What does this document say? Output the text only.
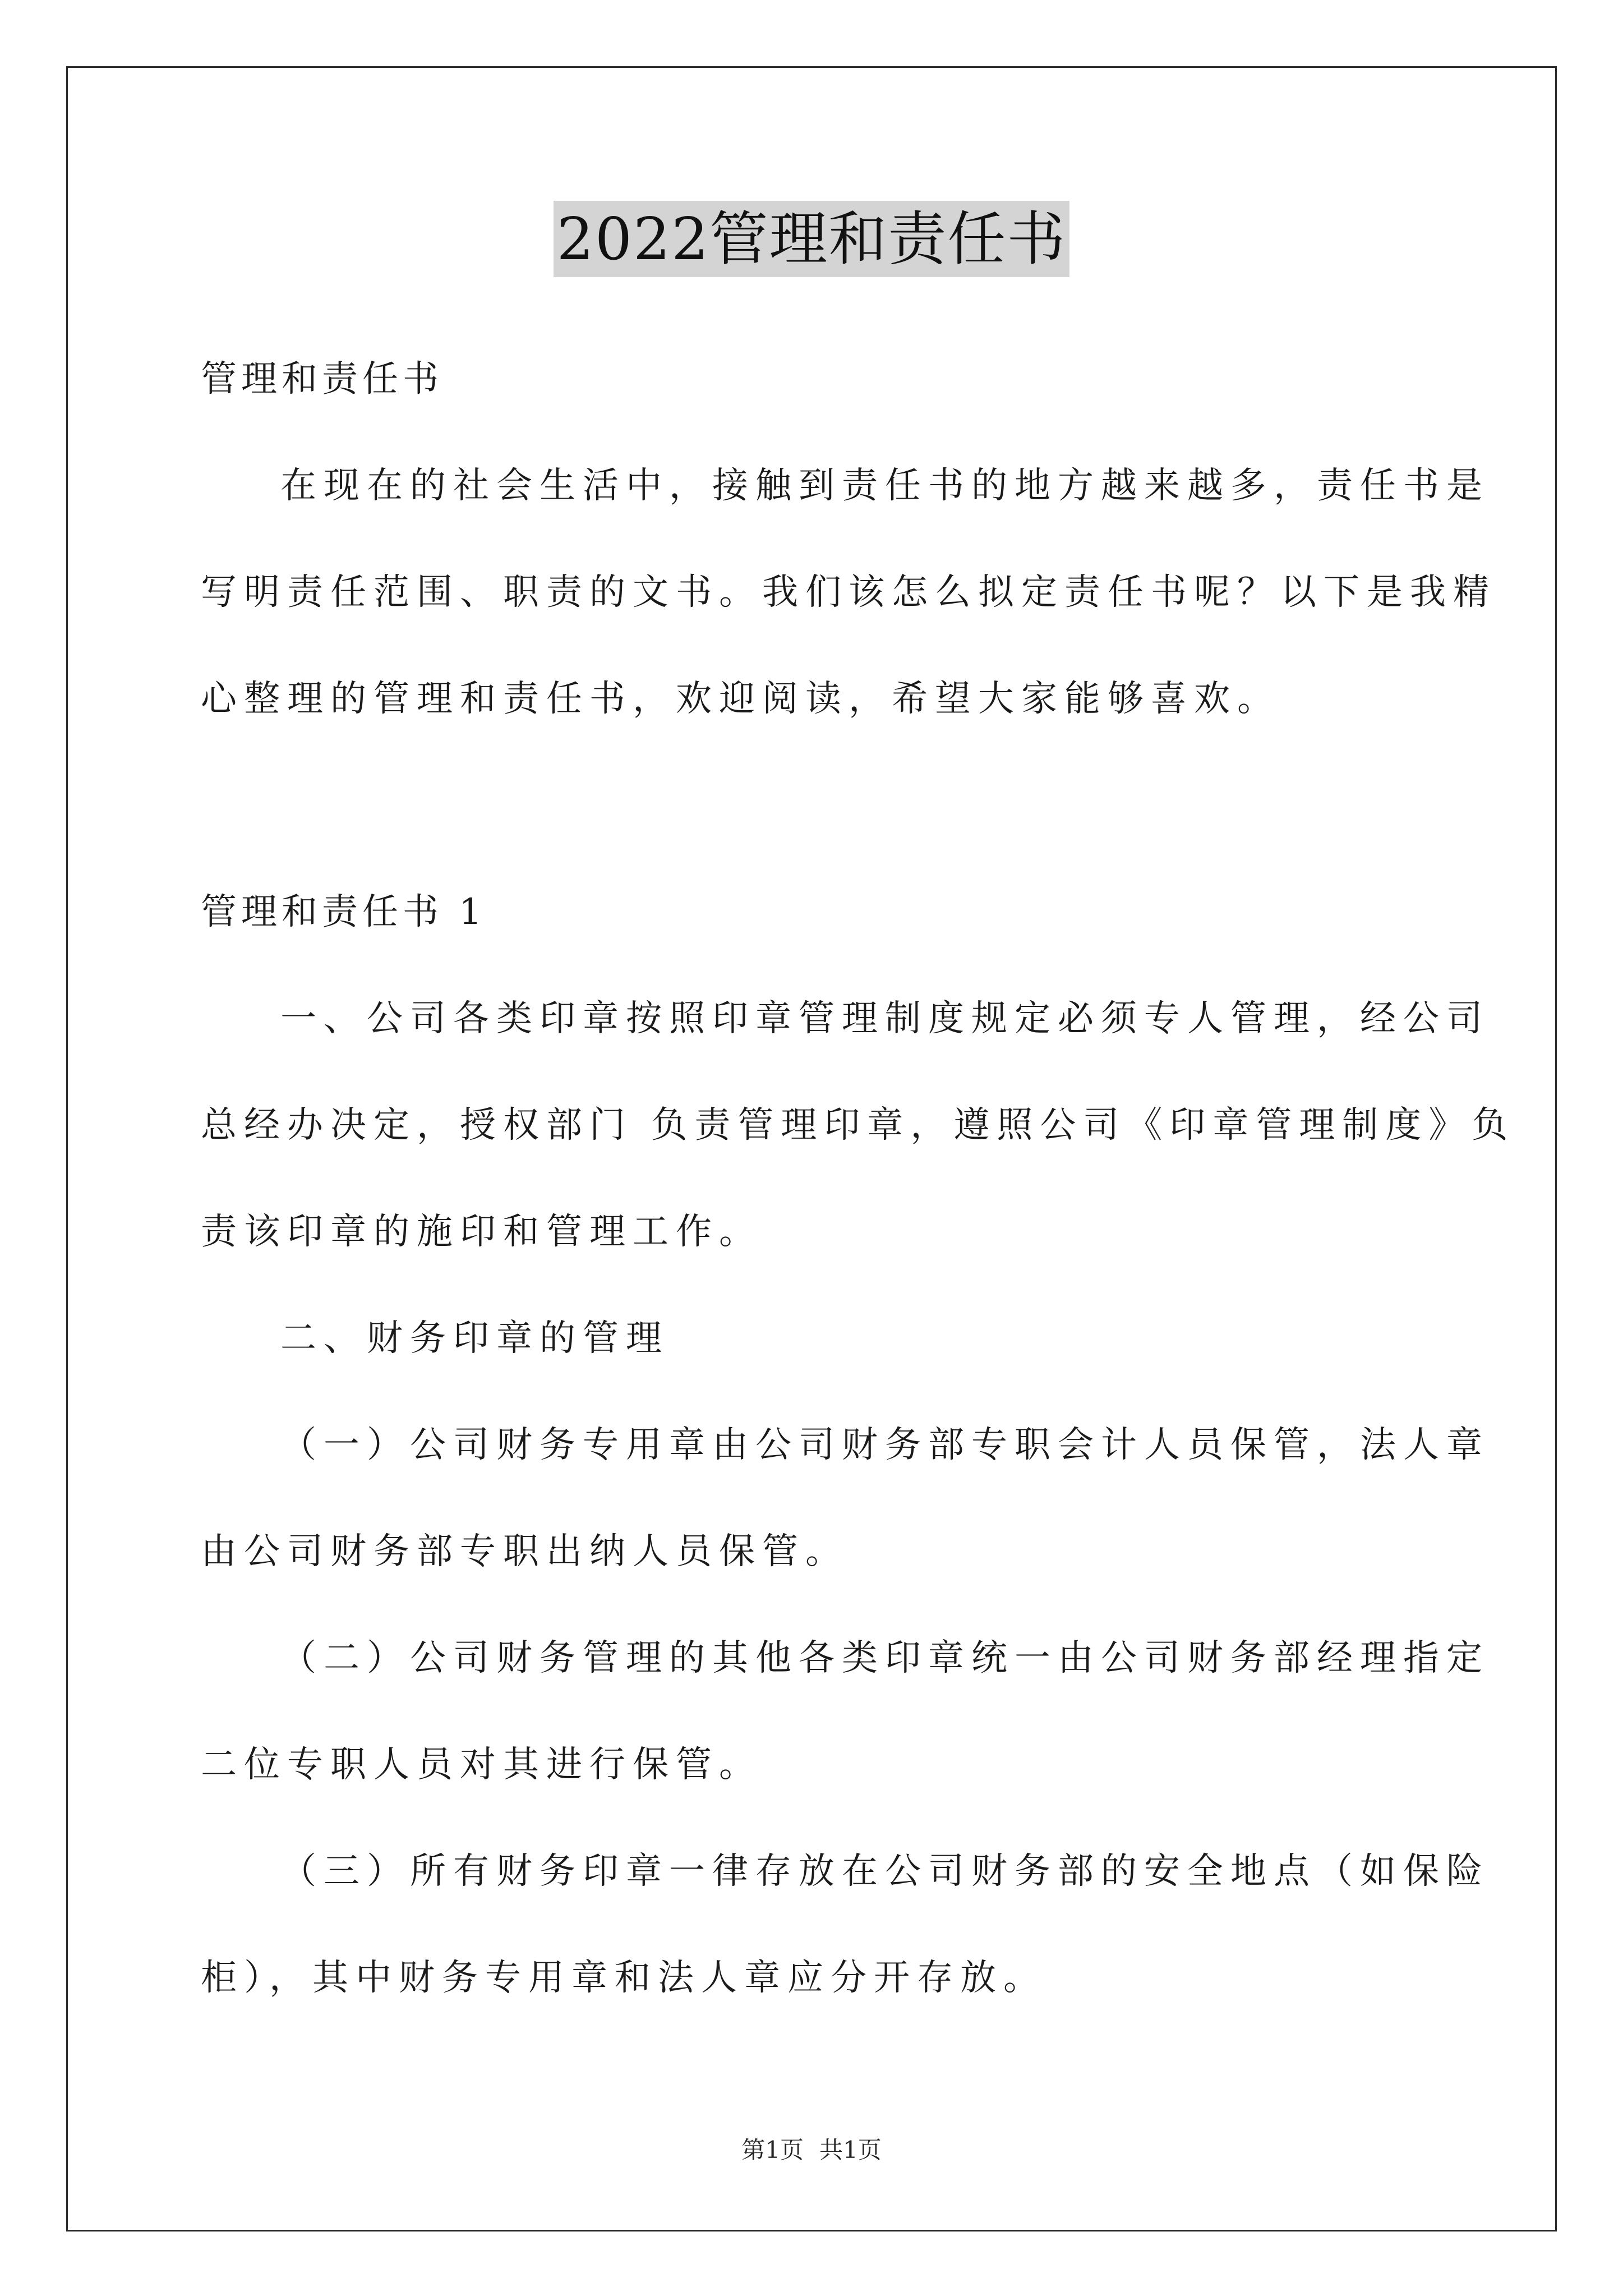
2022管理和责任书
管理和责任书
在现在的社会生活中，接触到责任书的地方越来越多，责任书是
写明责任范围、职责的文书。我们该怎么拟定责任书呢？以下是我精
心整理的管理和责任书，欢迎阅读，希望大家能够喜欢。
管理和责任书 1
一、公司各类印章按照印章管理制度规定必须专人管理，经公司
总经办决定，授权部门 负责管理印章，遵照公司《印章管理制度》负
责该印章的施印和管理工作。
二、财务印章的管理
（一）公司财务专用章由公司财务部专职会计人员保管，法人章
由公司财务部专职出纳人员保管。
（二）公司财务管理的其他各类印章统一由公司财务部经理指定
二位专职人员对其进行保管。
（三）所有财务印章一律存放在公司财务部的安全地点（如保险
柜），其中财务专用章和法人章应分开存放。
第1页 共1页
